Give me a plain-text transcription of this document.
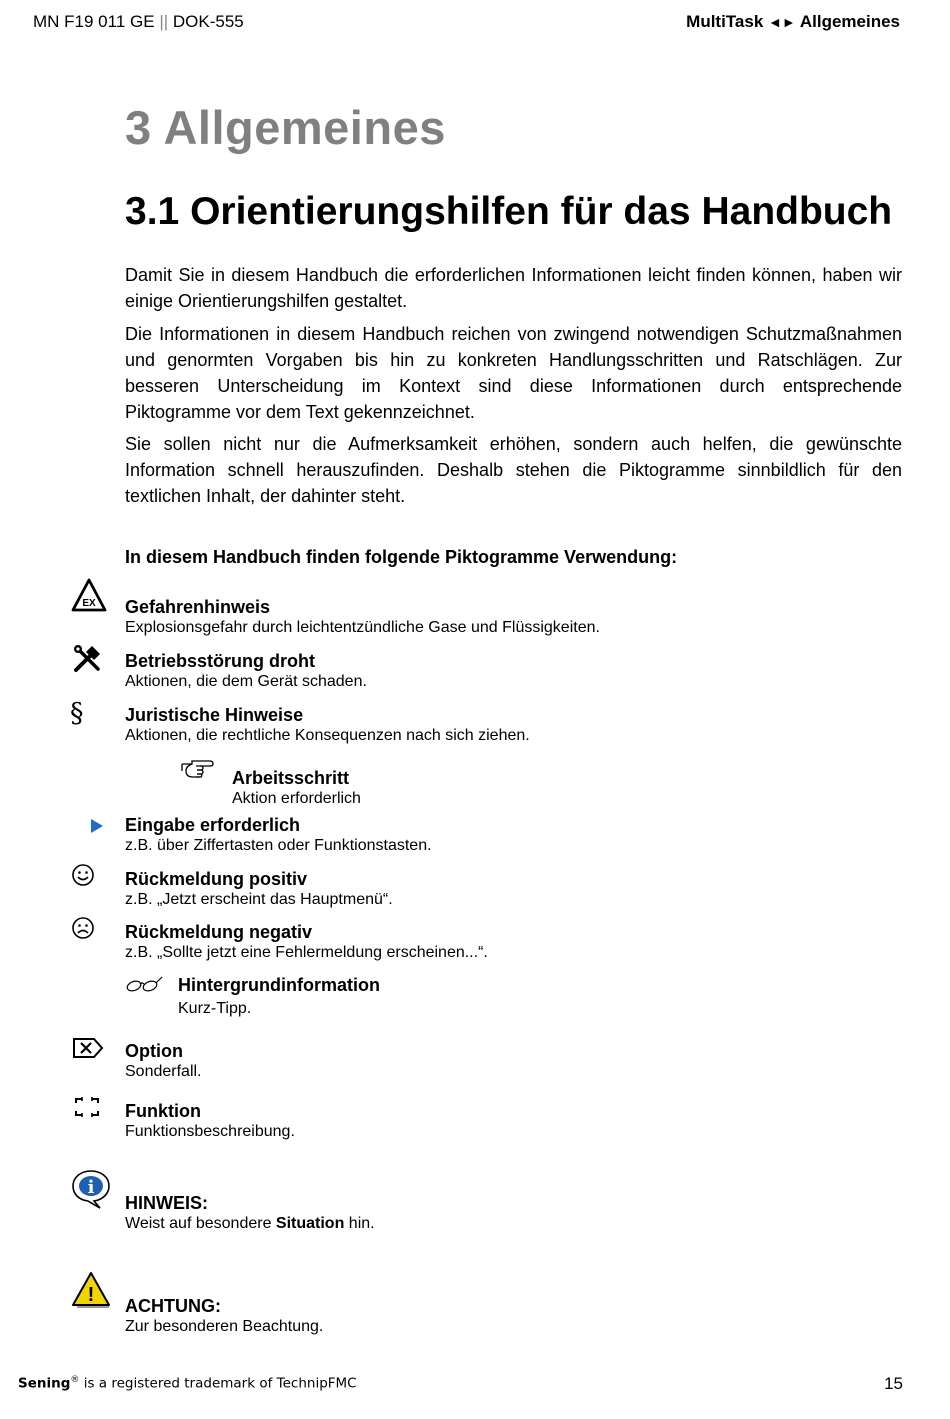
MN F19 011 GE || DOK-555	MultiTask ◄► Allgemeines
3 Allgemeines
3.1 Orientierungshilfen für das Handbuch

Damit Sie in diesem Handbuch die erforderlichen Informationen leicht finden können, haben wir einige Orientierungshilfen gestaltet.

Die Informationen in diesem Handbuch reichen von zwingend notwendigen Schutzmaßnahmen und genormten Vorgaben bis hin zu konkreten Handlungsschritten und Ratschlägen. Zur besseren Unterscheidung im Kontext sind diese Informationen durch entsprechende Piktogramme vor dem Text gekennzeichnet.

Sie sollen nicht nur die Aufmerksamkeit erhöhen, sondern auch helfen, die gewünschte Information schnell herauszufinden. Deshalb stehen die Piktogramme sinnbildlich für den textlichen Inhalt, der dahinter steht.

In diesem Handbuch finden folgende Piktogramme Verwendung:
EX Gefahrenhinweis
Explosionsgefahr durch leichtentzündliche Gase und Flüssigkeiten.
Betriebsstörung droht
Aktionen, die dem Gerät schaden.
§ Juristische Hinweise
Aktionen, die rechtliche Konsequenzen nach sich ziehen.
Arbeitsschritt
Aktion erforderlich
Eingabe erforderlich
z.B. über Ziffertasten oder Funktionstasten.
Rückmeldung positiv
z.B. „Jetzt erscheint das Hauptmenü“.
Rückmeldung negativ
z.B. „Sollte jetzt eine Fehlermeldung erscheinen...“.
Hintergrundinformation
Kurz-Tipp.
Option
Sonderfall.
Funktion
Funktionsbeschreibung.
i
HINWEIS:
Weist auf besondere Situation hin.
! ACHTUNG:
Zur besonderen Beachtung.
Sening® is a registered trademark of TechnipFMC	15
